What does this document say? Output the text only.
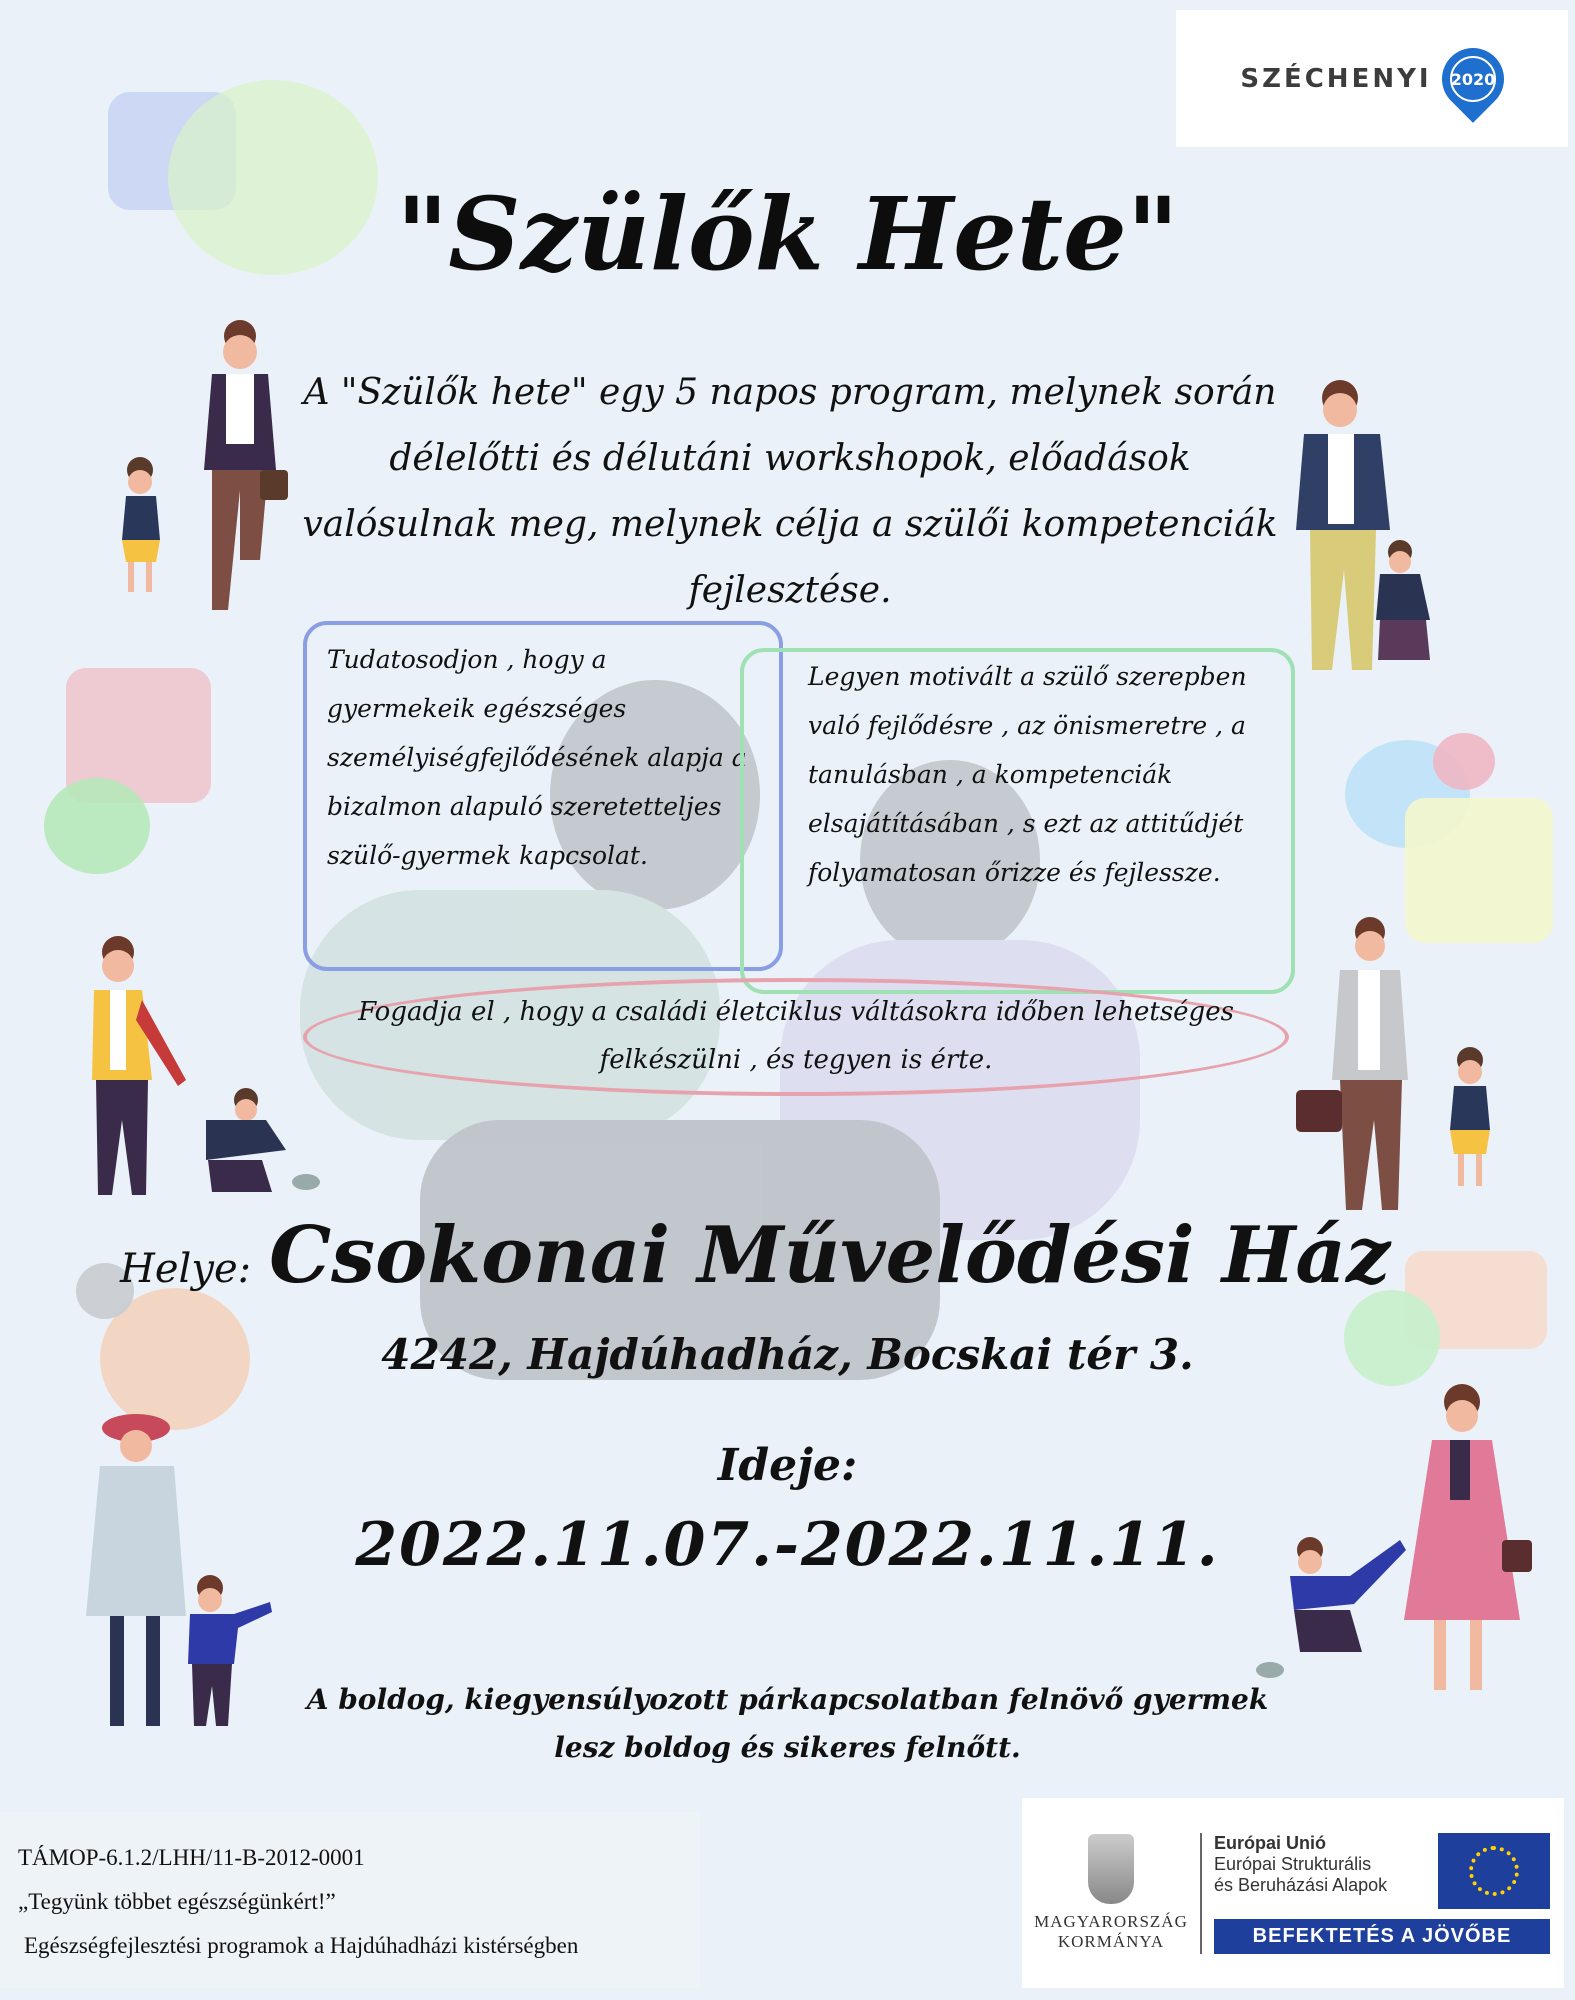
SZÉCHENYI 2020
"Szülők Hete"
A "Szülők hete" egy 5 napos program, melynek során délelőtti és délutáni workshopok, előadások valósulnak meg, melynek célja a szülői kompetenciák fejlesztése.
Tudatosodjon , hogy a gyermekeik egészséges személyiségfejlődésének alapja a bizalmon alapuló szeretetteljes szülő-gyermek kapcsolat.
Legyen motivált a szülő szerepben való fejlődésre , az önismeretre , a tanulásban , a kompetenciák elsajátításában , s ezt az attitűdjét folyamatosan őrizze és fejlessze.
Fogadja el , hogy a családi életciklus váltásokra időben lehetséges felkészülni , és tegyen is érte.
Helye: Csokonai Művelődési Ház
4242, Hajdúhadház, Bocskai tér 3.
Ideje:
2022.11.07.-2022.11.11.
A boldog, kiegyensúlyozott párkapcsolatban felnövő gyermek lesz boldog és sikeres felnőtt.
TÁMOP-6.1.2/LHH/11-B-2012-0001
„Tegyünk többet egészségünkért!”
Egészségfejlesztési programok a Hajdúhadházi kistérségben
MAGYARORSZÁG
KORMÁNYA
Európai Unió
Európai Strukturális
és Beruházási Alapok
BEFEKTETÉS A JÖVŐBE
